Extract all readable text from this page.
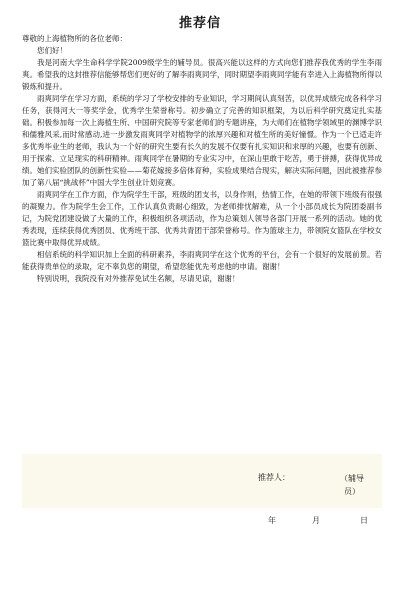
推荐信

尊敬的上海植物所的各位老师：

您们好！

我是河南大学生命科学学院2009级学生的辅导员。很高兴能以这样的方式向您们推荐我优秀的学生李雨爽。希望我的这封推荐信能够帮您们更好的了解李雨爽同学，同时期望李雨爽同学能有幸进入上海植物所得以锻炼和提升。

雨爽同学在学习方面，系统的学习了学校安排的专业知识，学习期间认真刻苦，以优异成绩完成各科学习任务，获得河大一等奖学金，优秀学生荣誉称号。初步确立了完善的知识框架，为以后科学研究奠定扎实基础。积极参加每一次上海植生所、中国研究院等专家老师们的专题讲座，为大师们在植物学领域里的渊博学识和儒雅风采,而时常感动,进一步激发雨爽同学对植物学的浓厚兴趣和对植生所的美好憧憬。作为一个已适走许多优秀毕业生的老师，我认为一个好的研究生要有长久的发展不仅要有扎实知识和求厚的兴趣，也要有创新、用于探索、立足现实的科研精神。雨爽同学在暑期的专业实习中，在深山里敢于吃苦，勇于拼搏，获得优异成绩。她们实验团队的创新性实验——菊花嫁接多倍体育种，实验成果结合现实，解决实际问题，因此被推荐参加了第八届“挑战杯”中国大学生创业计划竞赛。

雨爽同学在工作方面，作为院学生干部，班级的团支书，以身作则，热情工作，在她的带领下班级有很强的凝聚力。作为院学生会工作，工作认真负责耐心细致，为老师排忧解难，从一个小部员成长为院团委副书记，为院党团建设做了大量的工作，积极组织各项活动，作为总策划人领导各部门开展一系列的活动。她的优秀表现，连续获得优秀团员、优秀班干部、优秀共青团干部荣誉称号。作为篮球主力，带领院女篮队在学校女篮比赛中取得优异成绩。

相信系统的科学知识加上全面的科研素养，李雨爽同学在这个优秀的平台，会有一个很好的发展前景。若能获得贵单位的录取，定不辜负您的期望，希望您能优先考虑他的申请。谢谢！

特别说明，我院没有对外推荐免试生名额，尽请见谅，谢谢！

推荐人：	（辅导员）
年	月	日
